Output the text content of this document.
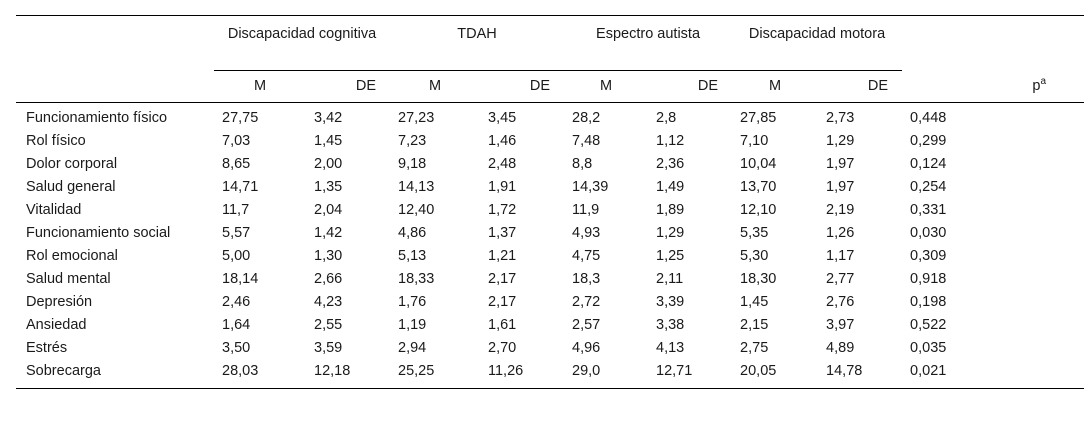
	Discapacidad cognitiva		TDAH		Espectro autista		Discapacidad motora		
	M	DE	M	DE	M	DE	M	DE	$p^a$
Funcionamiento físico	27,75	3,42	27,23	3,45	28,2	2,8	27,85	2,73	0,448
Rol físico	7,03	1,45	7,23	1,46	7,48	1,12	7,10	1,29	0,299
Dolor corporal	8,65	2,00	9,18	2,48	8,8	2,36	10,04	1,97	0,124
Salud general	14,71	1,35	14,13	1,91	14,39	1,49	13,70	1,97	0,254
Vitalidad	11,7	2,04	12,40	1,72	11,9	1,89	12,10	2,19	0,331
Funcionamiento social	5,57	1,42	4,86	1,37	4,93	1,29	5,35	1,26	0,030
Rol emocional	5,00	1,30	5,13	1,21	4,75	1,25	5,30	1,17	0,309
Salud mental	18,14	2,66	18,33	2,17	18,3	2,11	18,30	2,77	0,918
Depresión	2,46	4,23	1,76	2,17	2,72	3,39	1,45	2,76	0,198
Ansiedad	1,64	2,55	1,19	1,61	2,57	3,38	2,15	3,97	0,522
Estrés	3,50	3,59	2,94	2,70	4,96	4,13	2,75	4,89	0,035
Sobrecarga	28,03	12,18	25,25	11,26	29,0	12,71	20,05	14,78	0,021
